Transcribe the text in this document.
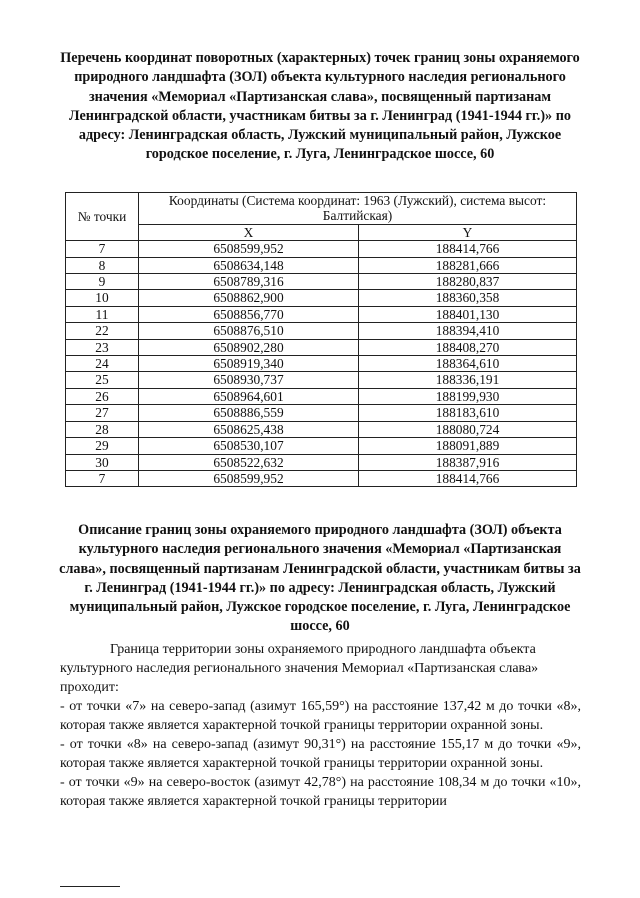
Перечень координат поворотных (характерных) точек границ зоны охраняемого природного ландшафта (ЗОЛ) объекта культурного наследия регионального значения «Мемориал «Партизанская слава», посвященный партизанам Ленинградской области, участникам битвы за г. Ленинград (1941-1944 гг.)» по адресу: Ленинградская область, Лужский муниципальный район, Лужское городское поселение, г. Луга, Ленинградское шоссе, 60

№ точки	Координаты (Система координат: 1963 (Лужский), система высот: Балтийская)	
	X	Y
7	6508599,952	188414,766
8	6508634,148	188281,666
9	6508789,316	188280,837
10	6508862,900	188360,358
11	6508856,770	188401,130
22	6508876,510	188394,410
23	6508902,280	188408,270
24	6508919,340	188364,610
25	6508930,737	188336,191
26	6508964,601	188199,930
27	6508886,559	188183,610
28	6508625,438	188080,724
29	6508530,107	188091,889
30	6508522,632	188387,916
7	6508599,952	188414,766

Описание границ зоны охраняемого природного ландшафта (ЗОЛ) объекта культурного наследия регионального значения «Мемориал «Партизанская слава», посвященный партизанам Ленинградской области, участникам битвы за г. Ленинград (1941-1944 гг.)» по адресу: Ленинградская область, Лужский муниципальный район, Лужское городское поселение, г. Луга, Ленинградское шоссе, 60

Граница территории зоны охраняемого природного ландшафта объекта культурного наследия регионального значения Мемориал «Партизанская слава» проходит:

- от точки «7» на северо-запад (азимут 165,59°) на расстояние 137,42 м до точки «8», которая также является характерной точкой границы территории охранной зоны.
- от точки «8» на северо-запад (азимут 90,31°) на расстояние 155,17 м до точки «9», которая также является характерной точкой границы территории охранной зоны.
- от точки «9» на северо-восток (азимут 42,78°) на расстояние 108,34 м до точки «10», которая также является характерной точкой границы территории
